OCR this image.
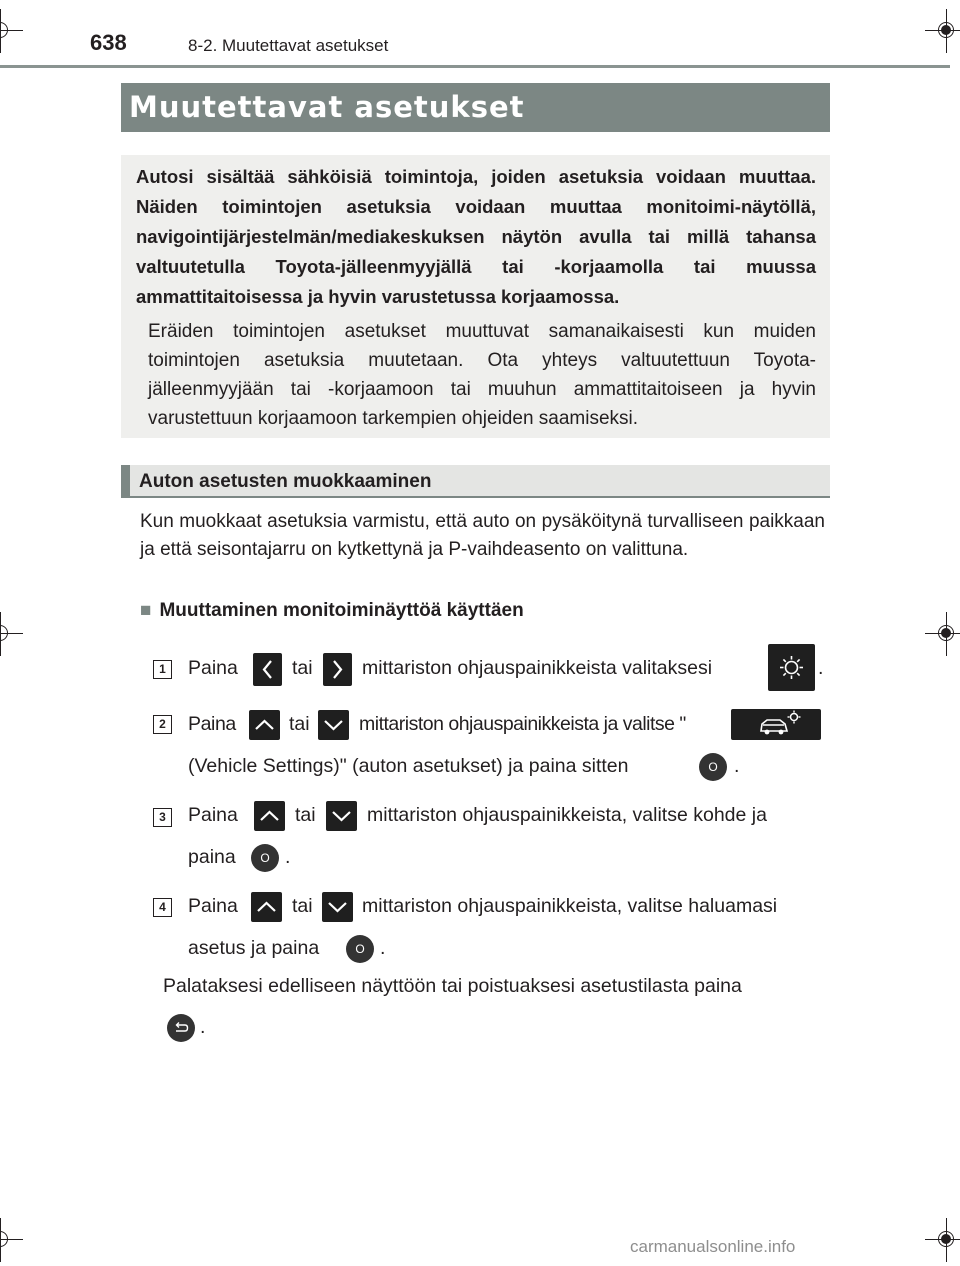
638	8-2. Muutettavat asetukset
Muutettavat asetukset
Autosi sisältää sähköisiä toimintoja, joiden asetuksia voidaan muuttaa. Näiden toimintojen asetuksia voidaan muuttaa monitoimi-näytöllä, navigointijärjestelmän/mediakeskuksen näytön avulla tai millä tahansa valtuutetulla Toyota-jälleenmyyjällä tai -korjaamolla tai muussa ammattitaitoisessa ja hyvin varustetussa korjaamossa.
Eräiden toimintojen asetukset muuttuvat samanaikaisesti kun muiden toimintojen asetuksia muutetaan. Ota yhteys valtuutettuun Toyota-jälleenmyyjään tai -korjaamoon tai muuhun ammattitaitoiseen ja hyvin varustettuun korjaamoon tarkempien ohjeiden saamiseksi.
Auton asetusten muokkaaminen
Kun muokkaat asetuksia varmistu, että auto on pysäköitynä turvalliseen paikkaan ja että seisontajarru on kytkettynä ja P-vaihdeasento on valittuna.
■ Muuttaminen monitoiminäyttöä käyttäen
1	Paina	tai	mittariston ohjauspainikkeista valitaksesi	.
2	Paina	tai	mittariston ohjauspainikkeista ja valitse "
(Vehicle Settings)" (auton asetukset) ja paina sitten	O .
3	Paina	tai	mittariston ohjauspainikkeista, valitse kohde ja
paina	O .
4	Paina	tai	mittariston ohjauspainikkeista, valitse haluamasi
asetus ja paina	O .
Palataksesi edelliseen näyttöön tai poistuaksesi asetustilasta paina
.
carmanualsonline.info
